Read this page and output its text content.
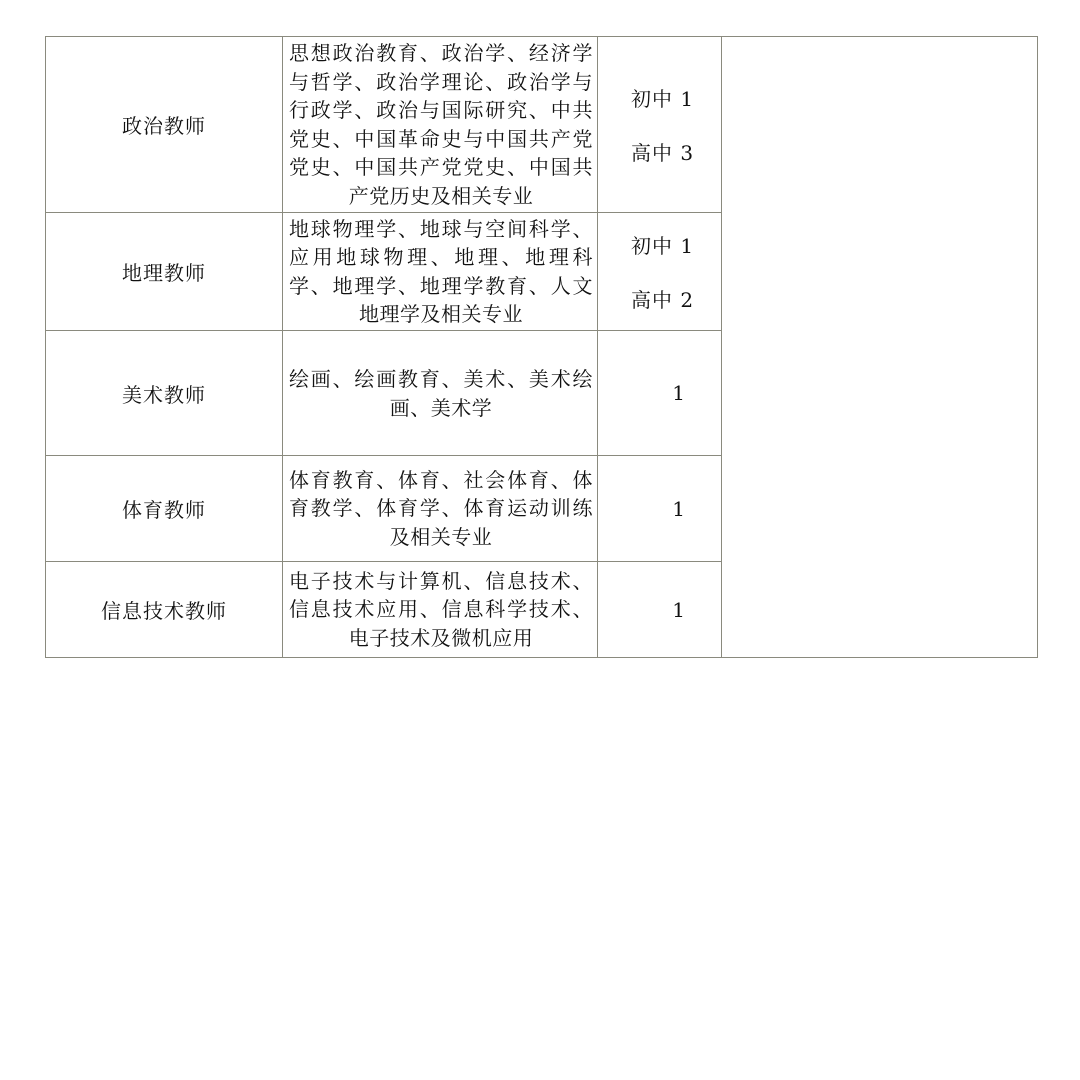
政治教师	思想政治教育、政治学、经济学与哲学、政治学理论、政治学与行政学、政治与国际研究、中共党史、中国革命史与中国共产党党史、中国共产党党史、中国共产党历史及相关专业	初中 1
高中 3	

地理教师	地球物理学、地球与空间科学、应用地球物理、地理、地理科学、地理学、地理学教育、人文地理学及相关专业	初中 1
高中 2	

美术教师	绘画、绘画教育、美术、美术绘画、美术学	1	

体育教师	体育教育、体育、社会体育、体育教学、体育学、体育运动训练及相关专业	1	

信息技术教师	电子技术与计算机、信息技术、信息技术应用、信息科学技术、电子技术及微机应用	1	
